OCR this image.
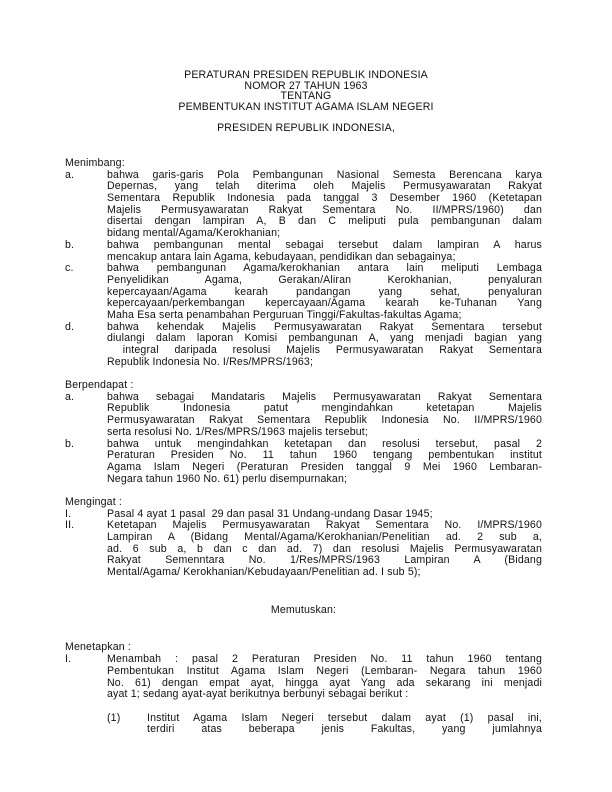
PERATURAN PRESIDEN REPUBLIK INDONESIA
NOMOR 27 TAHUN 1963
TENTANG
PEMBENTUKAN INSTITUT AGAMA ISLAM NEGERI
PRESIDEN REPUBLIK INDONESIA,
Menimbang:
a.	bahwa garis-garis Pola Pembangunan Nasional Semesta Berencana karya
Depernas, yang telah diterima oleh Majelis Permusyawaratan Rakyat
Sementara Republik Indonesia pada tanggal 3 Desember 1960 (Ketetapan
Majelis Permusyawaratan Rakyat Sementara No. II/MPRS/1960) dan
disertai dengan lampiran A, B dan C meliputi pula pembangunan dalam
bidang mental/Agama/Kerokhanian;
b.	bahwa pembangunan mental sebagai tersebut dalam lampiran A harus
mencakup antara lain Agama, kebudayaan, pendidikan dan sebagainya;
c.	bahwa pembangunan Agama/kerokhanian antara lain meliputi Lembaga
Penyelidikan Agama, Gerakan/Aliran Kerokhanian, penyaluran
kepercayaan/Agama kearah pandangan yang sehat, penyaluran
kepercayaan/perkembangan kepercayaan/Agama kearah ke-Tuhanan Yang
Maha Esa serta penambahan Perguruan Tinggi/Fakultas-fakultas Agama;
d.	bahwa kehendak Majelis Permusyawaratan Rakyat Sementara tersebut
diulangi dalam laporan Komisi pembangunan A, yang menjadi bagian yang
integral daripada resolusi Majelis Permusyawaratan Rakyat Sementara
Republik Indonesia No. I/Res/MPRS/1963;
Berpendapat :
a.	bahwa sebagai Mandataris Majelis Permusyawaratan Rakyat Sementara
Republik Indonesia patut mengindahkan ketetapan Majelis
Permusyawaratan Rakyat Sementara Republik Indonesia No. II/MPRS/1960
serta resolusi No. 1/Res/MPRS/1963 majelis tersebut;
b.	bahwa untuk mengindahkan ketetapan dan resolusi tersebut, pasal 2
Peraturan Presiden No. 11 tahun 1960 tengang pembentukan institut
Agama Islam Negeri (Peraturan Presiden tanggal 9 Mei 1960 Lembaran-
Negara tahun 1960 No. 61) perlu disempurnakan;
Mengingat :
I.	Pasal 4 ayat 1 pasal  29 dan pasal 31 Undang-undang Dasar 1945;
II.	Ketetapan Majelis Permusyawaratan Rakyat Sementara No. I/MPRS/1960
Lampiran A (Bidang Mental/Agama/Kerokhanian/Penelitian ad. 2 sub a,
ad. 6 sub a, b dan c dan ad. 7) dan resolusi Majelis Permusyawaratan
Rakyat Semenntara No. 1/Res/MPRS/1963 Lampiran A (Bidang
Mental/Agama/ Kerokhanian/Kebudayaan/Penelitian ad. I sub 5);
Memutuskan:
Menetapkan :
I.	Menambah : pasal 2 Peraturan Presiden No. 11 tahun 1960 tentang
Pembentukan Institut Agama Islam Negeri (Lembaran- Negara tahun 1960
No. 61) dengan empat ayat, hingga ayat Yang ada sekarang ini menjadi
ayat 1; sedang ayat-ayat berikutnya berbunyi sebagai berikut :
(1)	Institut Agama Islam Negeri tersebut dalam ayat (1) pasal ini,
terdiri atas beberapa jenis Fakultas, yang jumlahnya
